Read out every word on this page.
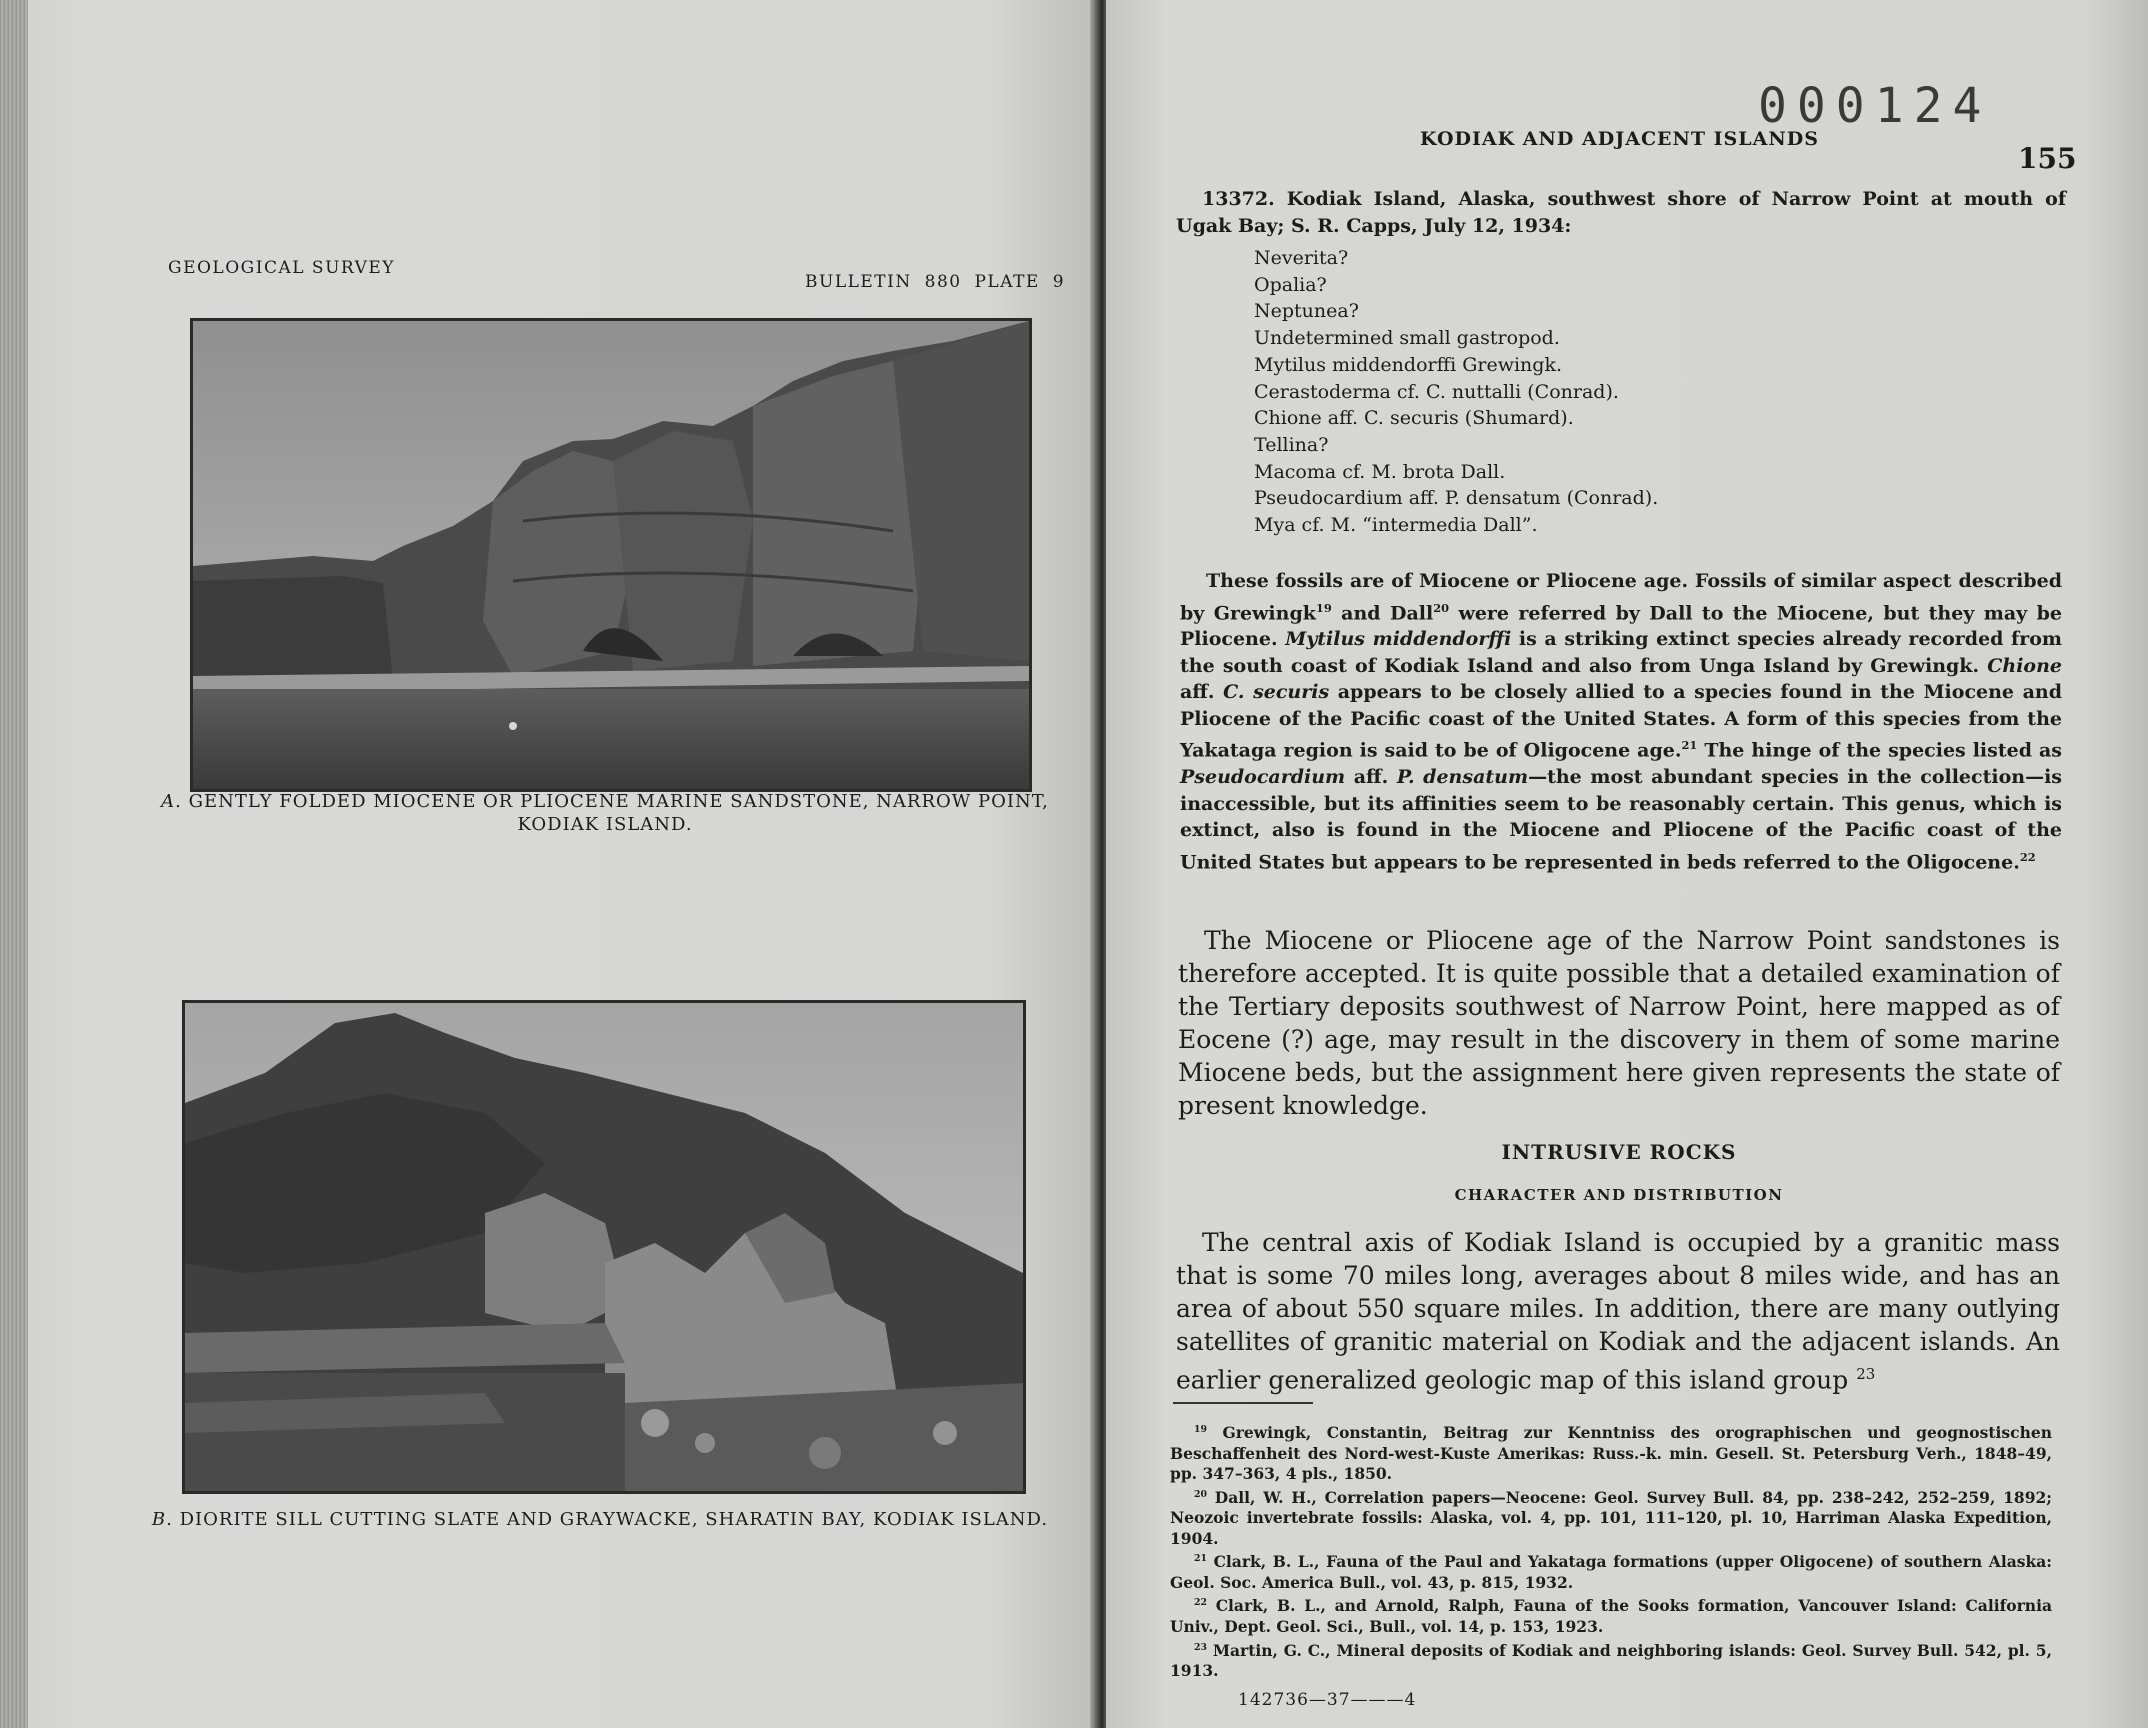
GEOLOGICAL SURVEY
BULLETIN 880 PLATE 9
A. GENTLY FOLDED MIOCENE OR PLIOCENE MARINE SANDSTONE, NARROW POINT, KODIAK ISLAND.
B. DIORITE SILL CUTTING SLATE AND GRAYWACKE, SHARATIN BAY, KODIAK ISLAND.
000124
KODIAK AND ADJACENT ISLANDS
155
13372. Kodiak Island, Alaska, southwest shore of Narrow Point at mouth of Ugak Bay; S. R. Capps, July 12, 1934:
Neverita?
Opalia?
Neptunea?
Undetermined small gastropod.
Mytilus middendorffi Grewingk.
Cerastoderma cf. C. nuttalli (Conrad).
Chione aff. C. securis (Shumard).
Tellina?
Macoma cf. M. brota Dall.
Pseudocardium aff. P. densatum (Conrad).
Mya cf. M. “intermedia Dall”.
These fossils are of Miocene or Pliocene age. Fossils of similar aspect described by Grewingk$^{19}$ and Dall$^{20}$ were referred by Dall to the Miocene, but they may be Pliocene. Mytilus middendorffi is a striking extinct species already recorded from the south coast of Kodiak Island and also from Unga Island by Grewingk. Chione aff. C. securis appears to be closely allied to a species found in the Miocene and Pliocene of the Pacific coast of the United States. A form of this species from the Yakataga region is said to be of Oligocene age.$^{21}$ The hinge of the species listed as Pseudocardium aff. P. densatum—the most abundant species in the collection—is inaccessible, but its affinities seem to be reasonably certain. This genus, which is extinct, also is found in the Miocene and Pliocene of the Pacific coast of the United States but appears to be represented in beds referred to the Oligocene.$^{22}$
The Miocene or Pliocene age of the Narrow Point sandstones is therefore accepted. It is quite possible that a detailed examination of the Tertiary deposits southwest of Narrow Point, here mapped as of Eocene (?) age, may result in the discovery in them of some marine Miocene beds, but the assignment here given represents the state of present knowledge.
INTRUSIVE ROCKS
CHARACTER AND DISTRIBUTION
The central axis of Kodiak Island is occupied by a granitic mass that is some 70 miles long, averages about 8 miles wide, and has an area of about 550 square miles. In addition, there are many outlying satellites of granitic material on Kodiak and the adjacent islands. An earlier generalized geologic map of this island group $^{23}$

$^{19}$ Grewingk, Constantin, Beitrag zur Kenntniss des orographischen und geognostischen Beschaffenheit des Nord-west-Kuste Amerikas: Russ.-k. min. Gesell. St. Petersburg Verh., 1848–49, pp. 347–363, 4 pls., 1850.

$^{20}$ Dall, W. H., Correlation papers—Neocene: Geol. Survey Bull. 84, pp. 238–242, 252–259, 1892; Neozoic invertebrate fossils: Alaska, vol. 4, pp. 101, 111–120, pl. 10, Harriman Alaska Expedition, 1904.

$^{21}$ Clark, B. L., Fauna of the Paul and Yakataga formations (upper Oligocene) of southern Alaska: Geol. Soc. America Bull., vol. 43, p. 815, 1932.

$^{22}$ Clark, B. L., and Arnold, Ralph, Fauna of the Sooks formation, Vancouver Island: California Univ., Dept. Geol. Sci., Bull., vol. 14, p. 153, 1923.

$^{23}$ Martin, G. C., Mineral deposits of Kodiak and neighboring islands: Geol. Survey Bull. 542, pl. 5, 1913.

142736—37———4
